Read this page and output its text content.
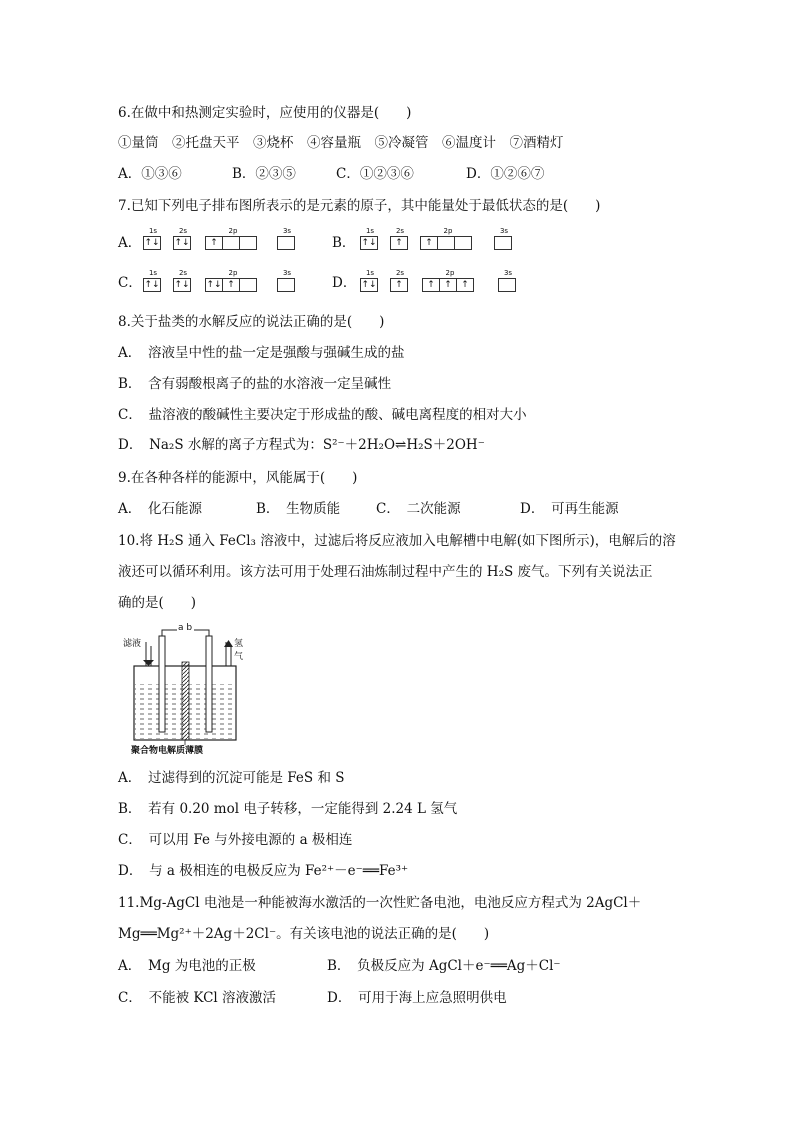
6.在做中和热测定实验时，应使用的仪器是(　　)
①量筒　②托盘天平　③烧杯　④容量瓶　⑤冷凝管　⑥温度计　⑦酒精灯
A．①③⑥	B．②③⑤	C．①②③⑥	D．①②⑥⑦
7.已知下列电子排布图所表示的是元素的原子，其中能量处于最低状态的是(　　)
A．
1s
↑↓
2s
↑↓
2p
↑
3s
B．
1s
↑↓
2s
↑
2p
↑
3s
C．
1s
↑↓
2s
↑↓
2p
↑↓ ↑
3s
D．
1s
↑↓
2s
↑
2p
↑	↑	↑
3s
8.关于盐类的水解反应的说法正确的是(　　)
A．　溶液呈中性的盐一定是强酸与强碱生成的盐
B．　含有弱酸根离子的盐的水溶液一定呈碱性
C．　盐溶液的酸碱性主要决定于形成盐的酸、碱电离程度的相对大小
D．　Na₂S 水解的离子方程式为：S²⁻＋2H₂O⇌H₂S＋2OH⁻
9.在各种各样的能源中，风能属于(　　)
A．　化石能源	B．　生物质能	C．　二次能源	D．　可再生能源
10.将 H₂S 通入 FeCl₃ 溶液中，过滤后将反应液加入电解槽中电解(如下图所示)，电解后的溶
液还可以循环利用。该方法可用于处理石油炼制过程中产生的 H₂S 废气。下列有关说法正
确的是(　　)
滤液
a b
氢气
聚合物电解质薄膜
A．　过滤得到的沉淀可能是 FeS 和 S
B．　若有 0.20 mol 电子转移，一定能得到 2.24 L 氢气
C．　可以用 Fe 与外接电源的 a 极相连
D．　与 a 极相连的电极反应为 Fe²⁺－e⁻══Fe³⁺
11.Mg-AgCl 电池是一种能被海水激活的一次性贮备电池，电池反应方程式为 2AgCl＋
Mg══Mg²⁺＋2Ag＋2Cl⁻。有关该电池的说法正确的是(　　)
A．　Mg 为电池的正极	B．　负极反应为 AgCl＋e⁻══Ag＋Cl⁻
C．　不能被 KCl 溶液激活	D．　可用于海上应急照明供电
